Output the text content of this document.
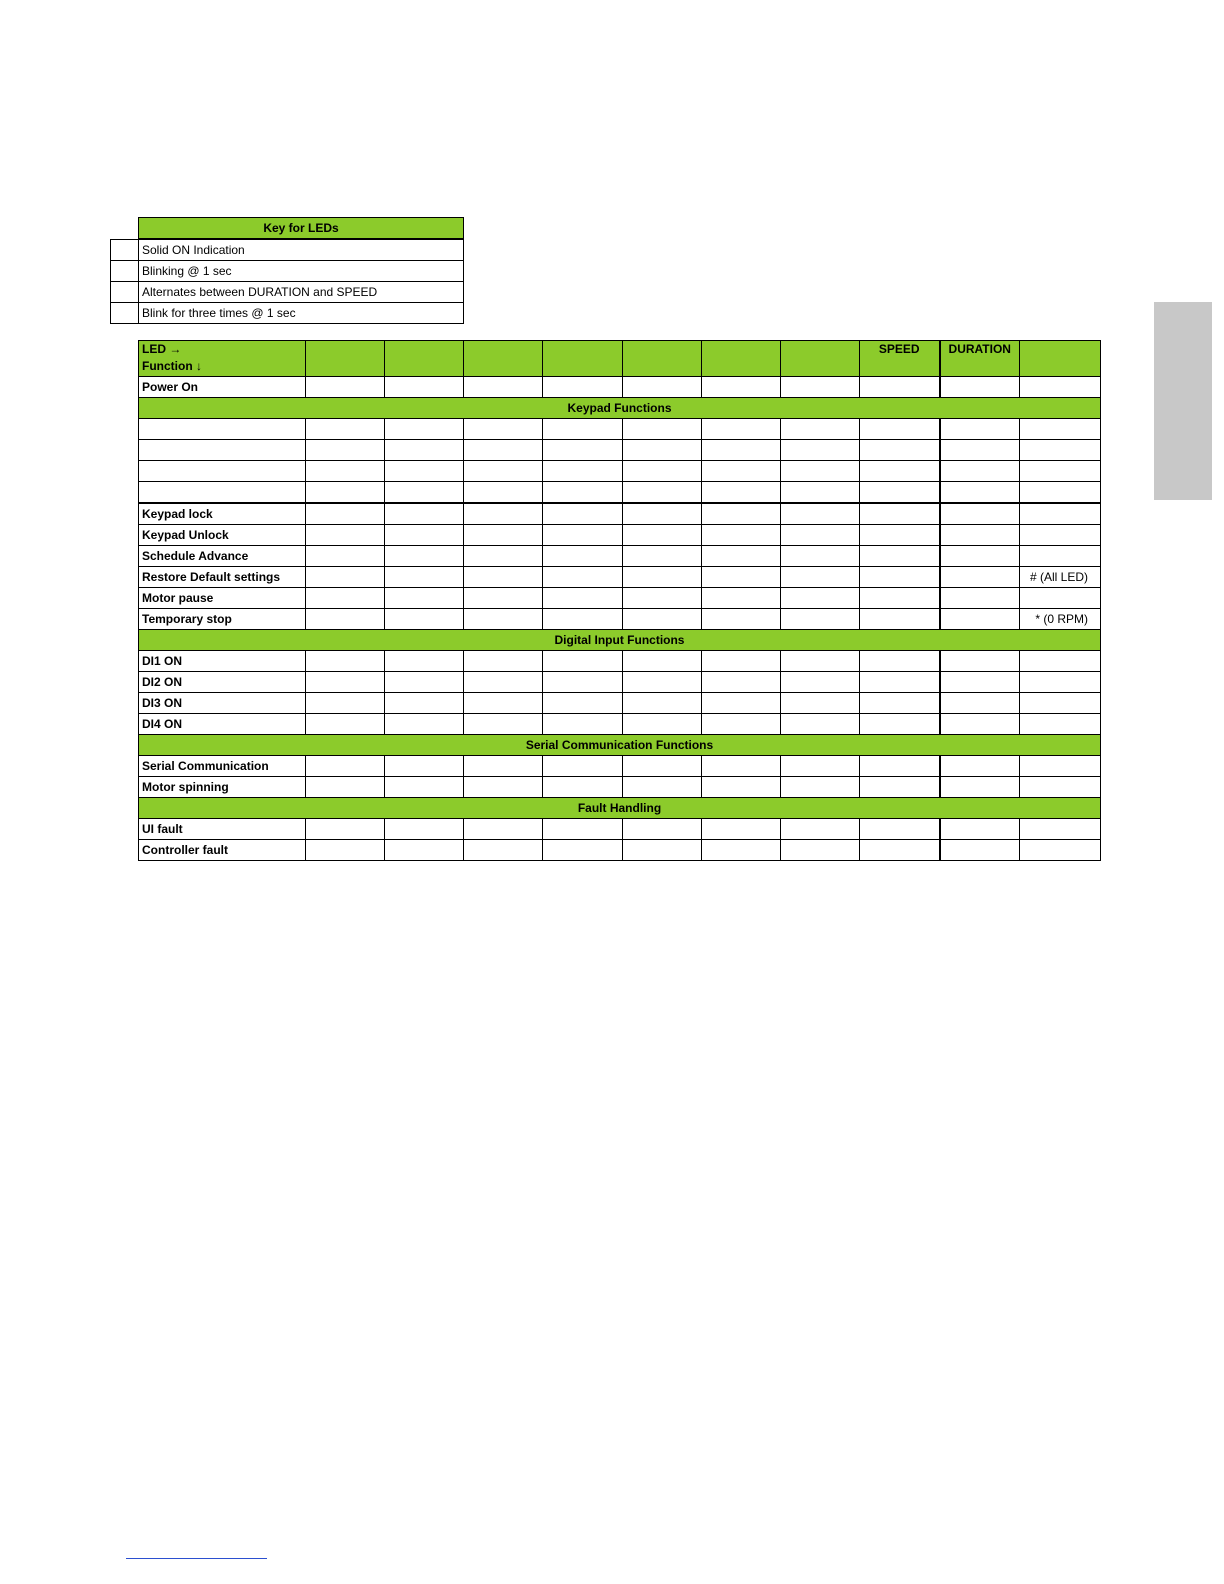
	Key for LEDs
	Solid ON Indication
	Blinking @ 1 sec
	Alternates between DURATION and SPEED
	Blink for three times @ 1 sec
LED →
Function ↓								SPEED	DURATION	
Power On										
Keypad Functions										

Keypad lock										
Keypad Unlock										
Schedule Advance										
Restore Default settings										# (All LED)
Motor pause										
Temporary stop										* (0 RPM)
Digital Input Functions										
DI1 ON										
DI2 ON										
DI3 ON										
DI4 ON										
Serial Communication Functions										
Serial Communication										
Motor spinning										
Fault Handling										
UI fault										
Controller fault										
